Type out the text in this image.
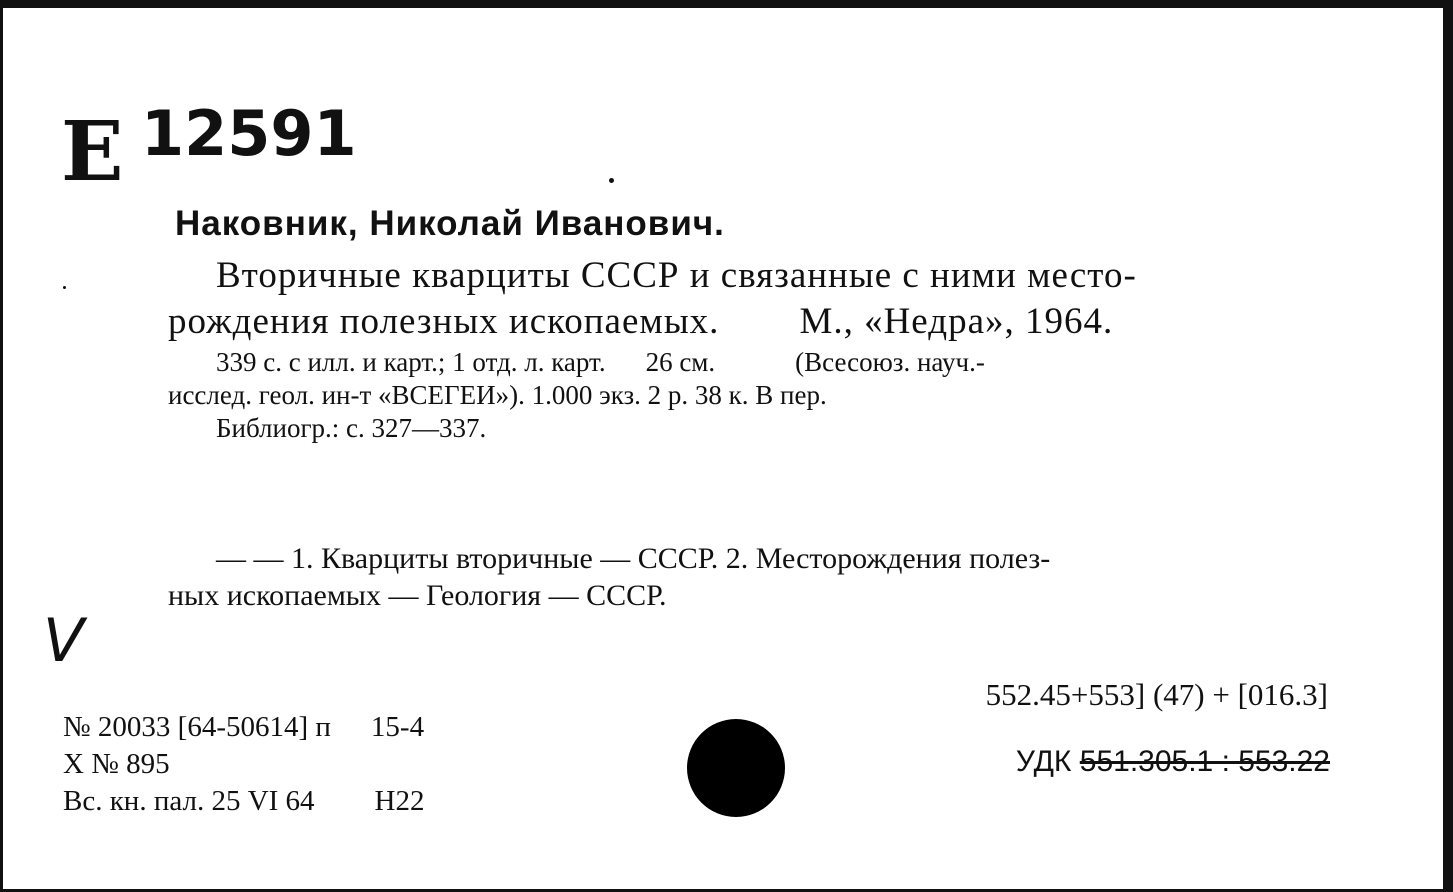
Е 12591
Наковник, Николай Иванович.
Вторичные кварциты СССР и связанные с ними место-
рождения полезных ископаемых. М., «Недра», 1964.
339 с. с илл. и карт.; 1 отд. л. карт. 26 см.	(Всесоюз. науч.-
исслед. геол. ин-т «ВСЕГЕИ»). 1.000 экз. 2 р. 38 к. В пер.
Библиогр.: с. 327—337.
— — 1. Кварциты вторичные — СССР. 2. Месторождения полез-
ных ископаемых — Геология — СССР.
V
№ 20033 [64-50614] п 15-4
Х № 895
Вс. кн. пал. 25 VI 64 Н22
552.45+553] (47) + [016.3]
УДК 551.305.1 : 553.22
